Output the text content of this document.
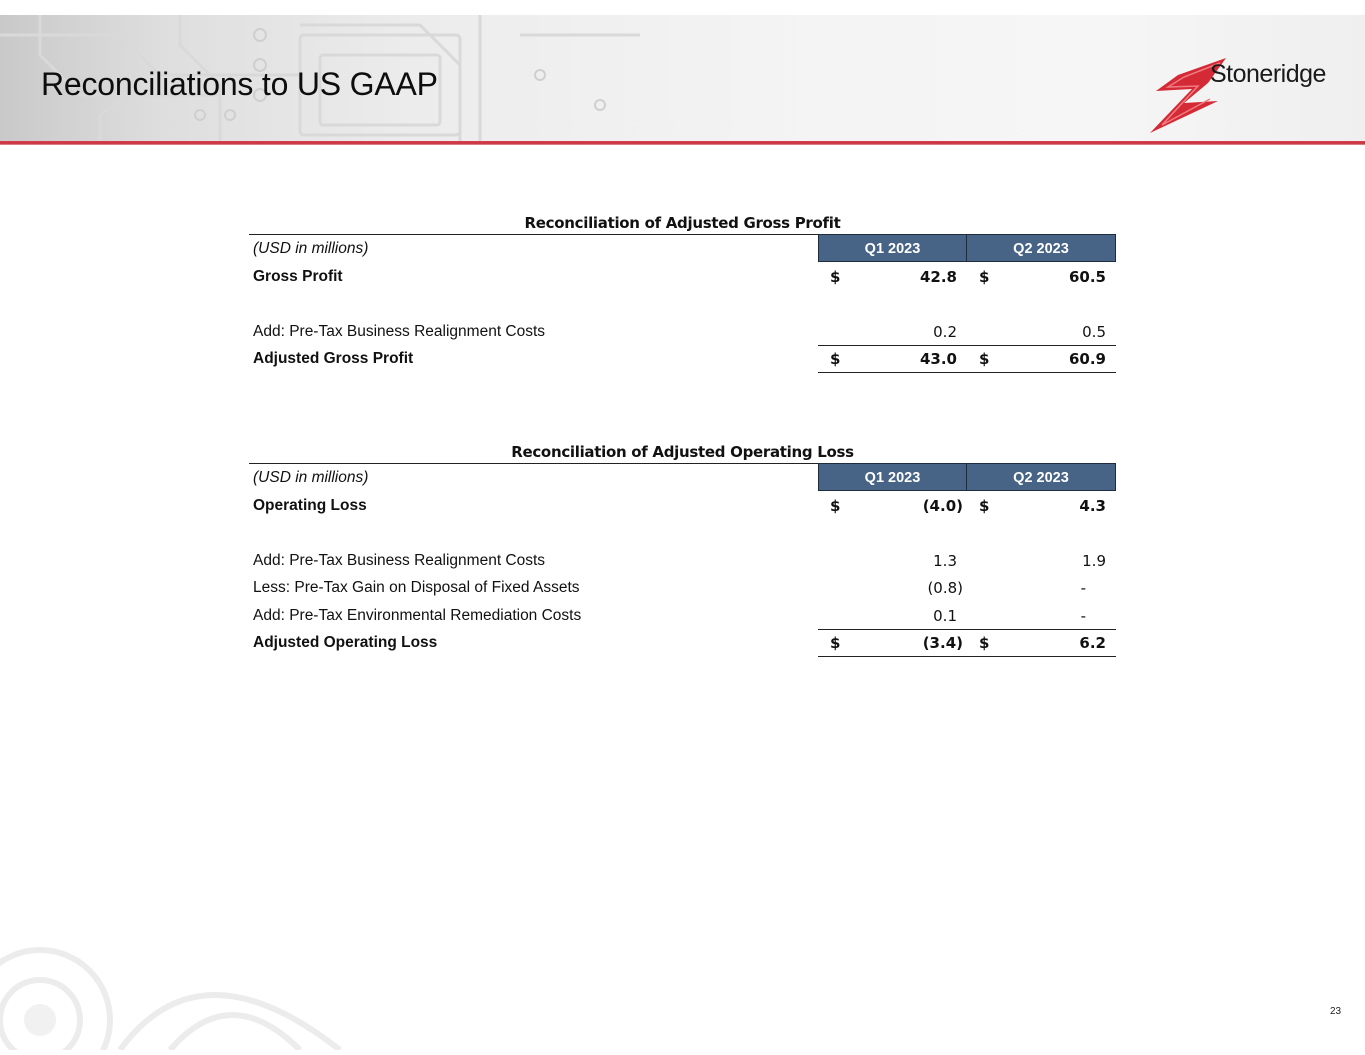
Reconciliations to US GAAP	Stoneridge
Reconciliation of Adjusted Gross Profit
(USD in millions)	Q1 2023	Q2 2023
Gross Profit	$	42.8 $	60.5
Add: Pre-Tax Business Realignment Costs	0.2	0.5
Adjusted Gross Profit	$	43.0 $	60.9
Reconciliation of Adjusted Operating Loss
(USD in millions)	Q1 2023	Q2 2023
Operating Loss	$	(4.0) $	4.3
Add: Pre-Tax Business Realignment Costs	1.3	1.9
Less: Pre-Tax Gain on Disposal of Fixed Assets	(0.8)	-
Add: Pre-Tax Environmental Remediation Costs	0.1	-
Adjusted Operating Loss	$	(3.4) $	6.2
23
